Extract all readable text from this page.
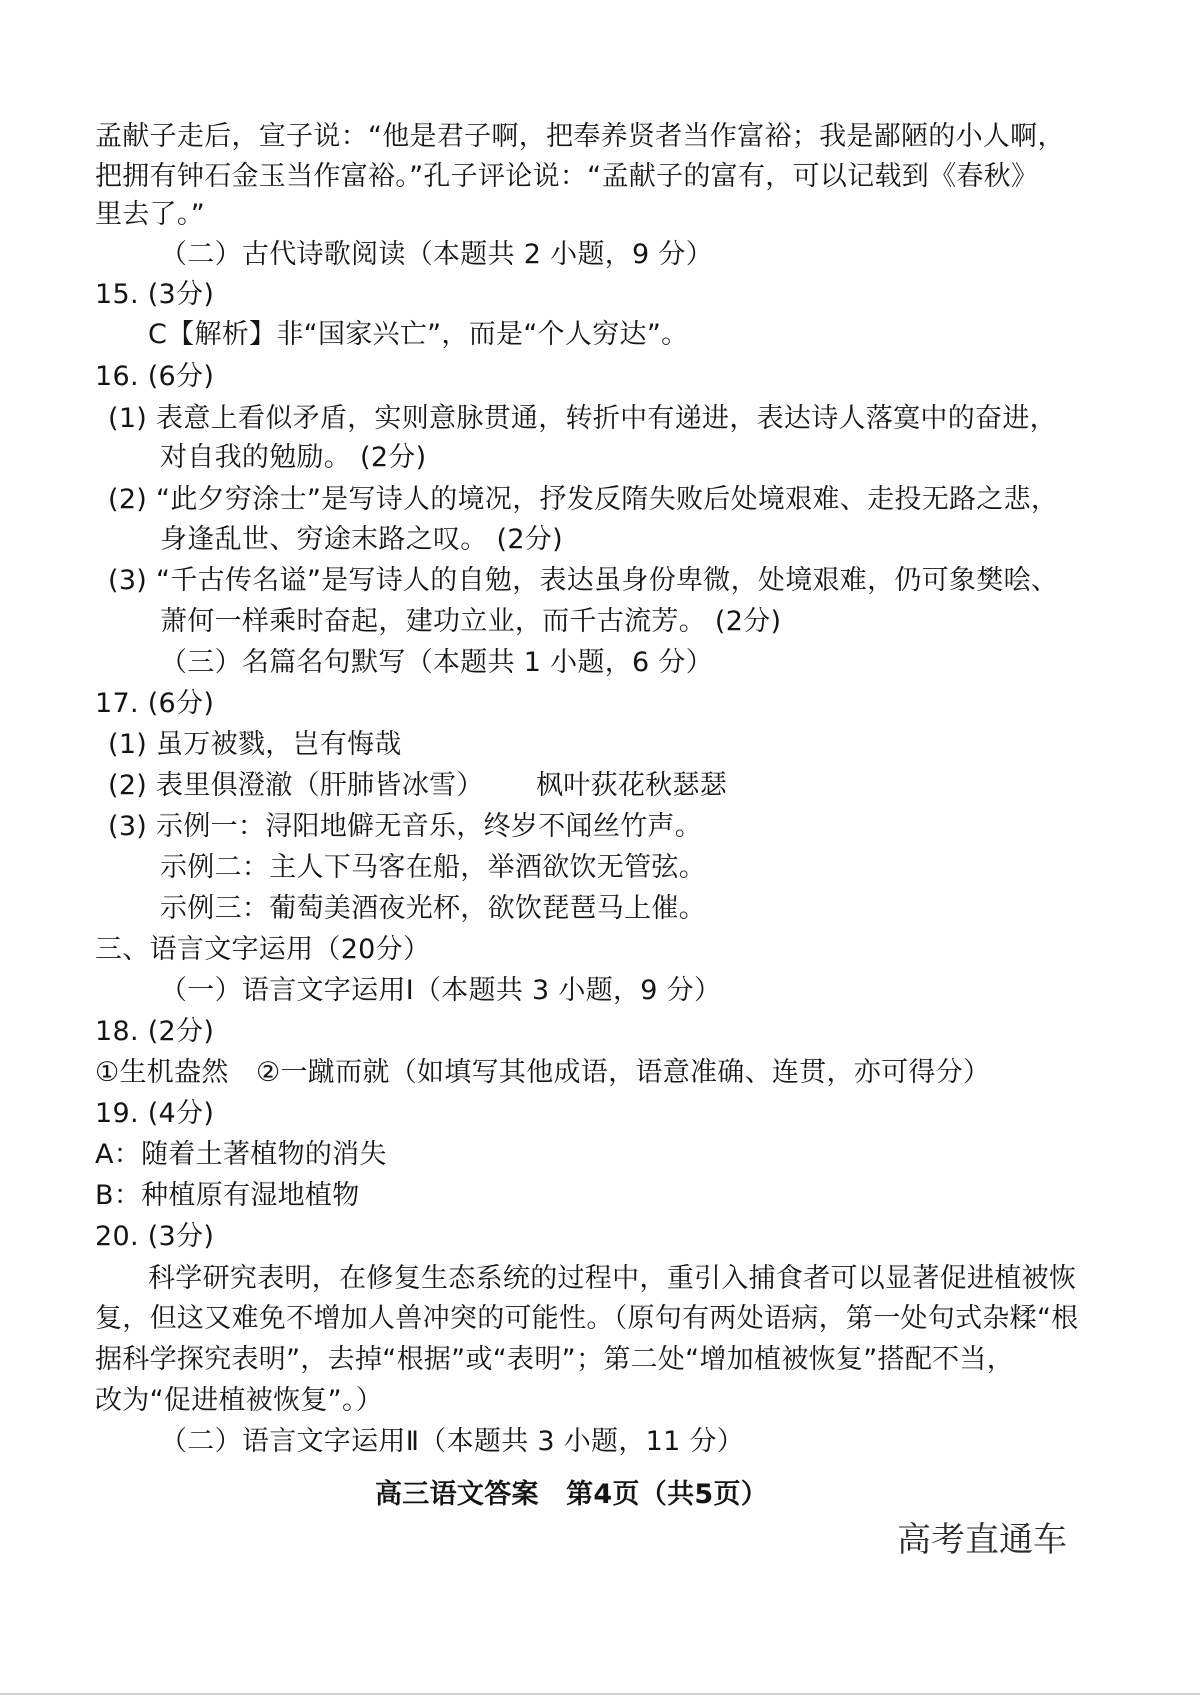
孟献子走后，宣子说：“他是君子啊，把奉养贤者当作富裕；我是鄙陋的小人啊，
把拥有钟石金玉当作富裕。”孔子评论说：“孟献子的富有，可以记载到《春秋》
里去了。”
（二）古代诗歌阅读（本题共 2 小题，9 分）
15. (3分)
C【解析】非“国家兴亡”，而是“个人穷达”。
16. (6分)
(1) 表意上看似矛盾，实则意脉贯通，转折中有递进，表达诗人落寞中的奋进，
对自我的勉励。 (2分)
(2) “此夕穷涂士”是写诗人的境况，抒发反隋失败后处境艰难、走投无路之悲，
身逢乱世、穷途末路之叹。 (2分)
(3) “千古传名谥”是写诗人的自勉，表达虽身份卑微，处境艰难，仍可象樊哙、
萧何一样乘时奋起，建功立业，而千古流芳。 (2分)
（三）名篇名句默写（本题共 1 小题，6 分）
17. (6分)
(1) 虽万被戮，岂有悔哉
(2) 表里俱澄澈（肝肺皆冰雪） 枫叶荻花秋瑟瑟
(3) 示例一：浔阳地僻无音乐，终岁不闻丝竹声。
示例二：主人下马客在船，举酒欲饮无管弦。
示例三：葡萄美酒夜光杯，欲饮琵琶马上催。
三、语言文字运用（20分）
（一）语言文字运用Ⅰ（本题共 3 小题，9 分）
18. (2分)
①生机盎然　②一蹴而就（如填写其他成语，语意准确、连贯，亦可得分）
19. (4分)
A：随着土著植物的消失
B：种植原有湿地植物
20. (3分)
科学研究表明，在修复生态系统的过程中，重引入捕食者可以显著促进植被恢
复，但这又难免不增加人兽冲突的可能性。（原句有两处语病，第一处句式杂糅“根
据科学探究表明”，去掉“根据”或“表明”；第二处“增加植被恢复”搭配不当，
改为“促进植被恢复”。）
（二）语言文字运用Ⅱ（本题共 3 小题，11 分）
高三语文答案　第4页（共5页）
高考直通车
